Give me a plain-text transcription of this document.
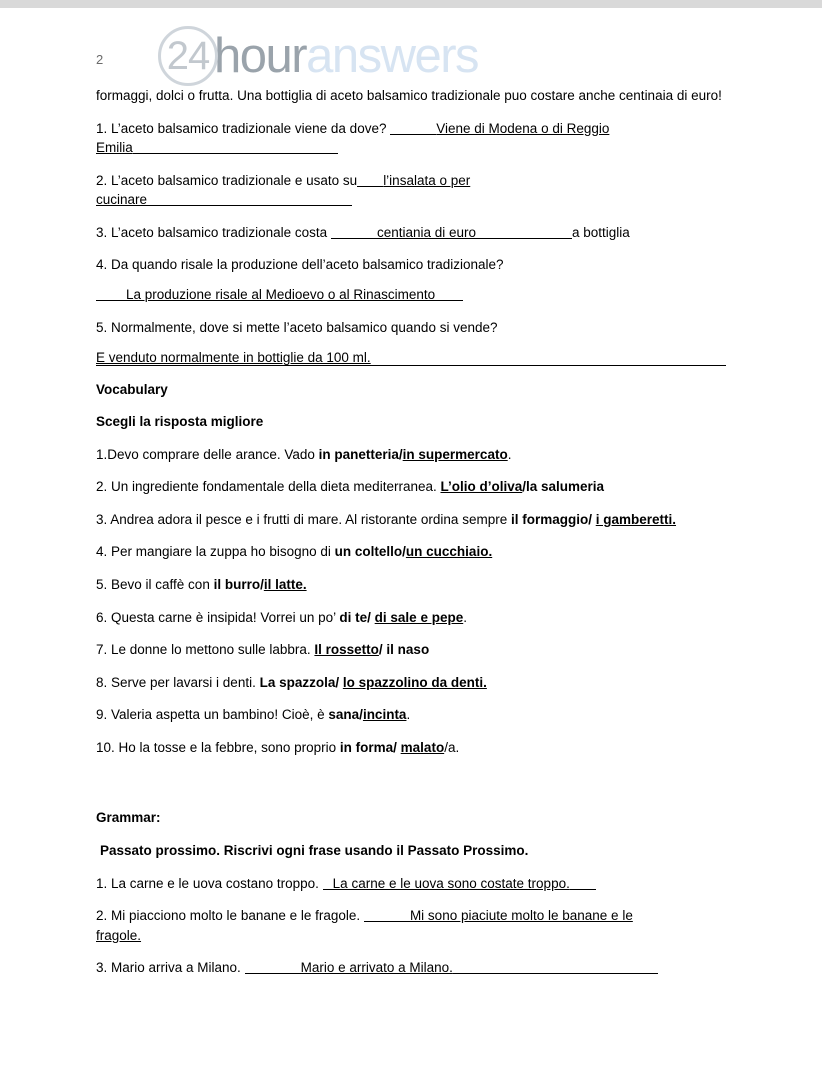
2 24 hour answers

formaggi, dolci o frutta. Una bottiglia di aceto balsamico tradizionale puo costare anche centinaia di euro!

1. L’aceto balsamico tradizionale viene da dove?	Viene di Modena o di Reggio
Emilia
2. L’aceto balsamico tradizionale e usato su l’insalata o per
cucinare
3. L’aceto balsamico tradizionale costa	centiania di euro	a bottiglia
4. Da quando risale la produzione dell’aceto balsamico tradizionale?
La produzione risale al Medioevo o al Rinascimento
5. Normalmente, dove si mette l’aceto balsamico quando si vende?
E venduto normalmente in bottiglie da 100 ml.

Vocabulary

Scegli la risposta migliore

1.Devo comprare delle arance. Vado in panetteria/in supermercato.

2. Un ingrediente fondamentale della dieta mediterranea. L’olio d’oliva/la salumeria

3. Andrea adora il pesce e i frutti di mare. Al ristorante ordina sempre il formaggio/ i gamberetti.

4. Per mangiare la zuppa ho bisogno di un coltello/un cucchiaio.

5. Bevo il caffè con il burro/il latte.

6. Questa carne è insipida! Vorrei un po’ di te/ di sale e pepe.

7. Le donne lo mettono sulle labbra. Il rossetto/ il naso

8. Serve per lavarsi i denti. La spazzola/ lo spazzolino da denti.

9. Valeria aspetta un bambino! Cioè, è sana/incinta.

10. Ho la tosse e la febbre, sono proprio in forma/ malato/a.

Grammar:

Passato prossimo. Riscrivi ogni frase usando il Passato Prossimo.

1. La carne e le uova costano troppo. La carne e le uova sono costate troppo.

2. Mi piacciono molto le banane e le fragole.	Mi sono piaciute molto le banane e le
fragole.

3. Mario arriva a Milano.	Mario e arrivato a Milano.
